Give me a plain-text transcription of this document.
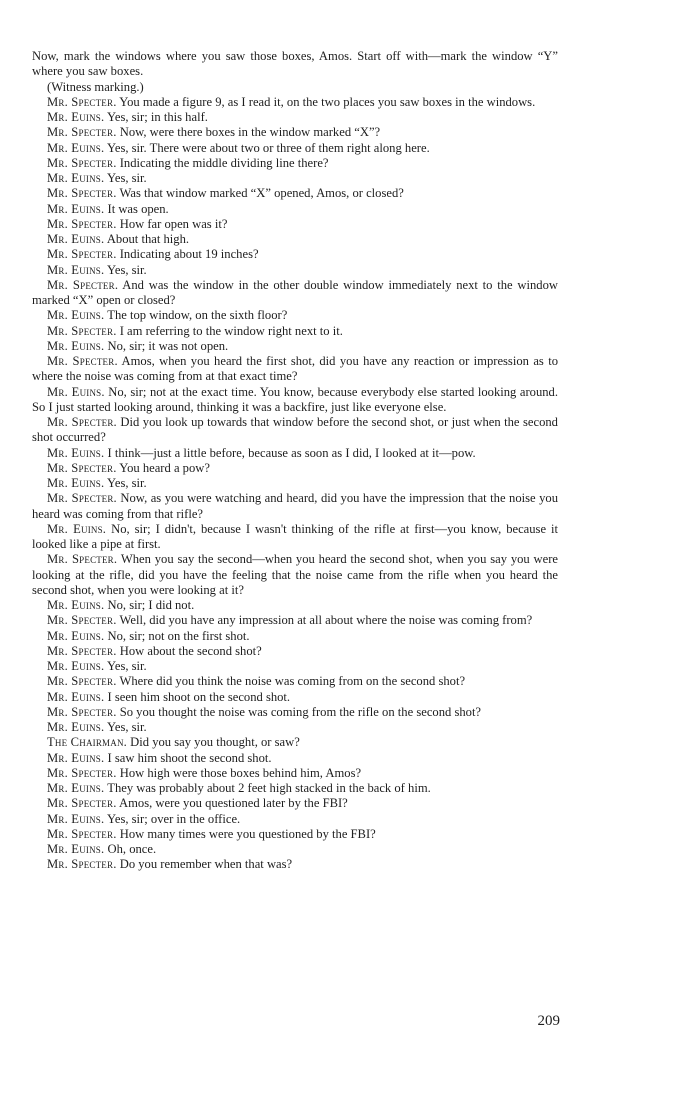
Now, mark the windows where you saw those boxes, Amos. Start off with—mark the window “Y” where you saw boxes.

(Witness marking.)

Mr. Specter. You made a figure 9, as I read it, on the two places you saw boxes in the windows.

Mr. Euins. Yes, sir; in this half.

Mr. Specter. Now, were there boxes in the window marked “X”?

Mr. Euins. Yes, sir. There were about two or three of them right along here.

Mr. Specter. Indicating the middle dividing line there?

Mr. Euins. Yes, sir.

Mr. Specter. Was that window marked “X” opened, Amos, or closed?

Mr. Euins. It was open.

Mr. Specter. How far open was it?

Mr. Euins. About that high.

Mr. Specter. Indicating about 19 inches?

Mr. Euins. Yes, sir.

Mr. Specter. And was the window in the other double window immediately next to the window marked “X” open or closed?

Mr. Euins. The top window, on the sixth floor?

Mr. Specter. I am referring to the window right next to it.

Mr. Euins. No, sir; it was not open.

Mr. Specter. Amos, when you heard the first shot, did you have any reaction or impression as to where the noise was coming from at that exact time?

Mr. Euins. No, sir; not at the exact time. You know, because everybody else started looking around. So I just started looking around, thinking it was a backfire, just like everyone else.

Mr. Specter. Did you look up towards that window before the second shot, or just when the second shot occurred?

Mr. Euins. I think—just a little before, because as soon as I did, I looked at it—pow.

Mr. Specter. You heard a pow?

Mr. Euins. Yes, sir.

Mr. Specter. Now, as you were watching and heard, did you have the impression that the noise you heard was coming from that rifle?

Mr. Euins. No, sir; I didn't, because I wasn't thinking of the rifle at first—you know, because it looked like a pipe at first.

Mr. Specter. When you say the second—when you heard the second shot, when you say you were looking at the rifle, did you have the feeling that the noise came from the rifle when you heard the second shot, when you were looking at it?

Mr. Euins. No, sir; I did not.

Mr. Specter. Well, did you have any impression at all about where the noise was coming from?

Mr. Euins. No, sir; not on the first shot.

Mr. Specter. How about the second shot?

Mr. Euins. Yes, sir.

Mr. Specter. Where did you think the noise was coming from on the second shot?

Mr. Euins. I seen him shoot on the second shot.

Mr. Specter. So you thought the noise was coming from the rifle on the second shot?

Mr. Euins. Yes, sir.

The Chairman. Did you say you thought, or saw?

Mr. Euins. I saw him shoot the second shot.

Mr. Specter. How high were those boxes behind him, Amos?

Mr. Euins. They was probably about 2 feet high stacked in the back of him.

Mr. Specter. Amos, were you questioned later by the FBI?

Mr. Euins. Yes, sir; over in the office.

Mr. Specter. How many times were you questioned by the FBI?

Mr. Euins. Oh, once.

Mr. Specter. Do you remember when that was?

209
